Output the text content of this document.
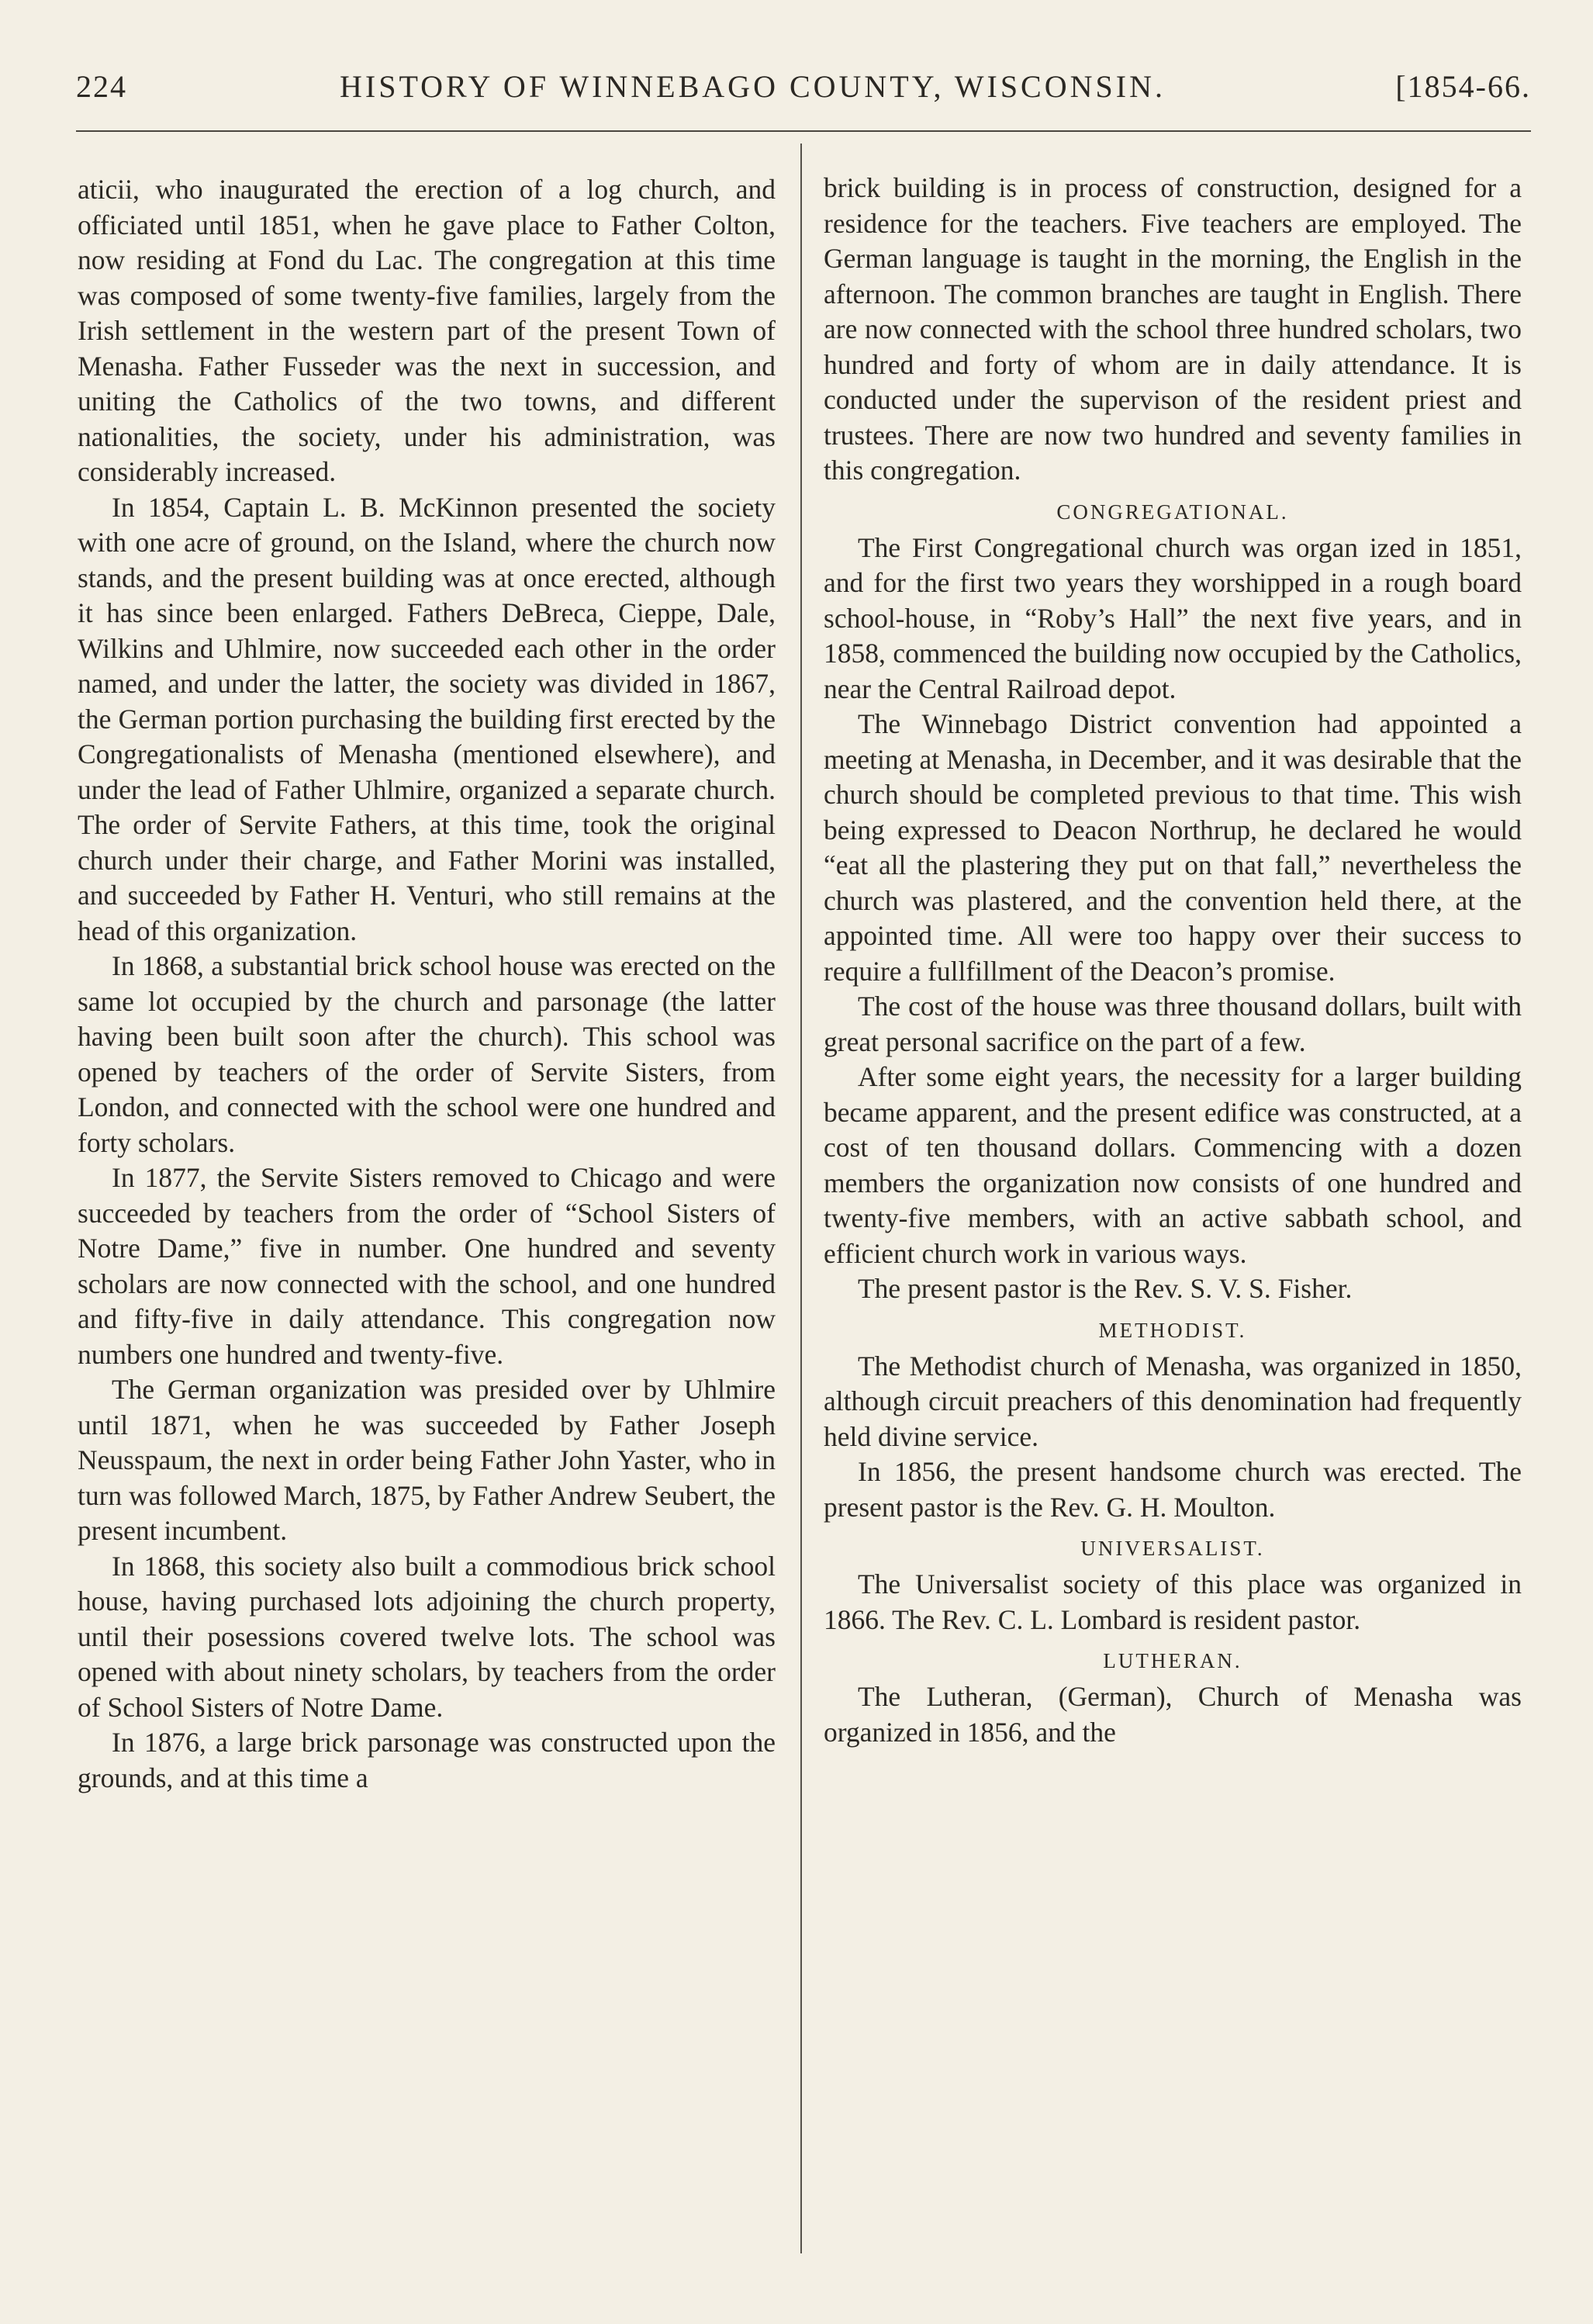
224	HISTORY OF WINNEBAGO COUNTY, WISCONSIN.	[1854-66.

aticii, who inaugurated the erection of a log church, and officiated until 1851, when he gave place to Father Colton, now residing at Fond du Lac. The congregation at this time was composed of some twenty-five families, largely from the Irish settlement in the western part of the present Town of Menasha. Father Fusseder was the next in succession, and uniting the Catholics of the two towns, and different nationalities, the society, under his administration, was considerably increased.

In 1854, Captain L. B. McKinnon presented the society with one acre of ground, on the Island, where the church now stands, and the present building was at once erected, although it has since been enlarged. Fathers DeBreca, Cieppe, Dale, Wilkins and Uhlmire, now succeeded each other in the order named, and under the latter, the society was divided in 1867, the German portion purchasing the building first erected by the Congregationalists of Menasha (mentioned elsewhere), and under the lead of Father Uhlmire, organized a separate church. The order of Servite Fathers, at this time, took the original church under their charge, and Father Morini was installed, and succeeded by Father H. Venturi, who still remains at the head of this organization.

In 1868, a substantial brick school house was erected on the same lot occupied by the church and parsonage (the latter having been built soon after the church). This school was opened by teachers of the order of Servite Sisters, from London, and connected with the school were one hundred and forty scholars.

In 1877, the Servite Sisters removed to Chicago and were succeeded by teachers from the order of “School Sisters of Notre Dame,” five in number. One hundred and seventy scholars are now connected with the school, and one hundred and fifty-five in daily attendance. This congregation now numbers one hundred and twenty-five.

The German organization was presided over by Uhlmire until 1871, when he was succeeded by Father Joseph Neusspaum, the next in order being Father John Yaster, who in turn was followed March, 1875, by Father Andrew Seubert, the present incumbent.

In 1868, this society also built a commodious brick school house, having purchased lots adjoining the church property, until their posessions covered twelve lots. The school was opened with about ninety scholars, by teachers from the order of School Sisters of Notre Dame.

In 1876, a large brick parsonage was constructed upon the grounds, and at this time a

brick building is in process of construction, designed for a residence for the teachers. Five teachers are employed. The German language is taught in the morning, the English in the afternoon. The common branches are taught in English. There are now connected with the school three hundred scholars, two hundred and forty of whom are in daily attendance. It is conducted under the supervison of the resident priest and trustees. There are now two hundred and seventy families in this congregation.

CONGREGATIONAL.

The First Congregational church was organ ized in 1851, and for the first two years they worshipped in a rough board school-house, in “Roby’s Hall” the next five years, and in 1858, commenced the building now occupied by the Catholics, near the Central Railroad depot.

The Winnebago District convention had appointed a meeting at Menasha, in December, and it was desirable that the church should be completed previous to that time. This wish being expressed to Deacon Northrup, he declared he would “eat all the plastering they put on that fall,” nevertheless the church was plastered, and the convention held there, at the appointed time. All were too happy over their success to require a fullfillment of the Deacon’s promise.

The cost of the house was three thousand dollars, built with great personal sacrifice on the part of a few.

After some eight years, the necessity for a larger building became apparent, and the present edifice was constructed, at a cost of ten thousand dollars. Commencing with a dozen members the organization now consists of one hundred and twenty-five members, with an active sabbath school, and efficient church work in various ways.

The present pastor is the Rev. S. V. S. Fisher.

METHODIST.

The Methodist church of Menasha, was organized in 1850, although circuit preachers of this denomination had frequently held divine service.

In 1856, the present handsome church was erected. The present pastor is the Rev. G. H. Moulton.

UNIVERSALIST.

The Universalist society of this place was organized in 1866. The Rev. C. L. Lombard is resident pastor.

LUTHERAN.

The Lutheran, (German), Church of Menasha was organized in 1856, and the
